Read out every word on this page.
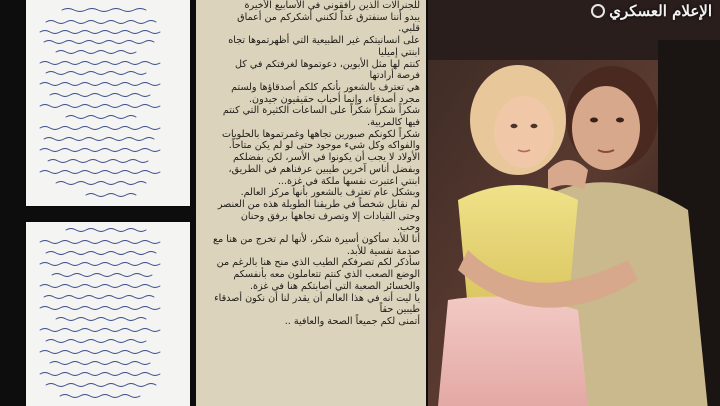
للجنرالات الذين رافقوني في الأسابيع الأخيرة

يبدو أننا سنفترق غداً لكنني أشكركم من أعماق

قلبي.

على انسانيتكم غير الطبيعية التي أظهرتموها تجاه

ابنتي إميليا

كنتم لها مثل الأبوين، دعوتموها لغرفتكم في كل

فرصة أرادتها

هي تعترف بالشعور بأنكم كلكم أصدقاؤها ولستم

مجرد أصدقاء، وإنما أحباب حقيقيون جيدون.

شكراً شكراً شكراً على الساعات الكثيرة التي كنتم

فيها كالمربية.

شكراً لكونكم صبورين تجاهها وغمرتموها بالحلويات

والفواكه وكل شيء موجود حتى لو لم يكن متاحاً.

الأولاد لا يجب أن يكونوا في الأسر، لكن بفضلكم

وبفضل أناس آخرين طيبين عرفناهم في الطريق،

ابنتي اعتبرت نفسها ملكة في غزة...

وبشكل عام تعترف بالشعور بأنها مركز العالم.

لم نقابل شخصاً في طريقنا الطويلة هذه من العنصر

وحتى القيادات إلا وتصرف تجاهها برفق وحنان

وحب.

أنا للأبد سأكون أسيرة شكر، لأنها لم تخرج من هنا مع

صدمة نفسية للأبد.

سأذكر لكم تصرفكم الطيب الذي منح هنا بالرغم من

الوضع الصعب الذي كنتم تتعاملون معه بأنفسكم

والخسائر الصعبة التي أصابتكم هنا في غزة.

يا ليت أنه في هذا العالم أن يقدر لنا أن نكون أصدقاء

طيبين حقاً

أتمنى لكم جميعاً الصحة والعافية ..

الإعلام العسكري
